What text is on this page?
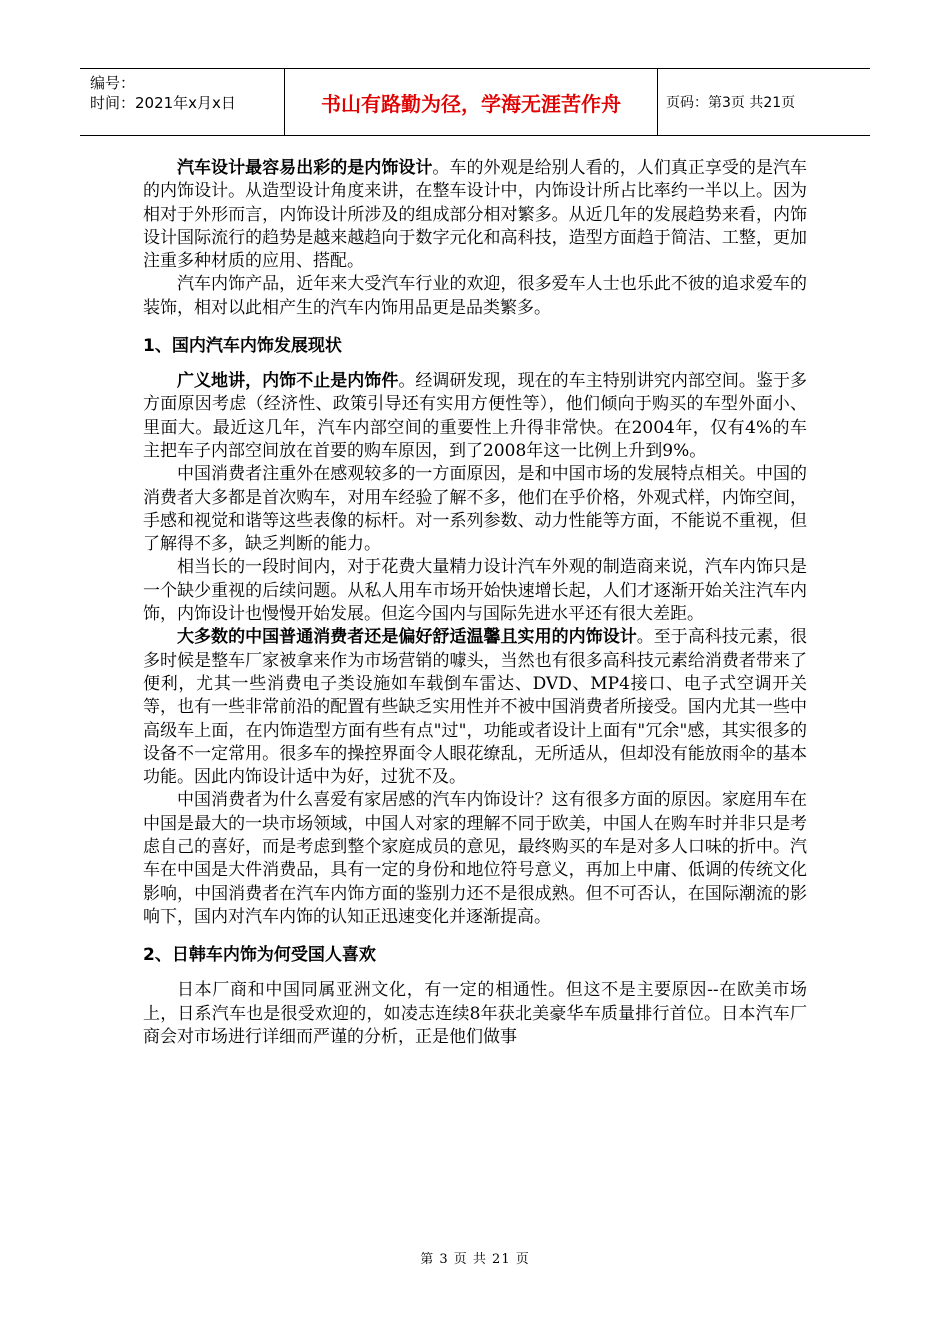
编号：
时间：2021年x月x日	书山有路勤为径，学海无涯苦作舟	页码：第3页 共21页

汽车设计最容易出彩的是内饰设计。车的外观是给别人看的，人们真正享受的是汽车的内饰设计。从造型设计角度来讲，在整车设计中，内饰设计所占比率约一半以上。因为相对于外形而言，内饰设计所涉及的组成部分相对繁多。从近几年的发展趋势来看，内饰设计国际流行的趋势是越来越趋向于数字元化和高科技，造型方面趋于简洁、工整，更加注重多种材质的应用、搭配。

汽车内饰产品，近年来大受汽车行业的欢迎，很多爱车人士也乐此不彼的追求爱车的装饰，相对以此相产生的汽车内饰用品更是品类繁多。

1、国内汽车内饰发展现状

广义地讲，内饰不止是内饰件。经调研发现，现在的车主特别讲究内部空间。鉴于多方面原因考虑（经济性、政策引导还有实用方便性等），他们倾向于购买的车型外面小、里面大。最近这几年，汽车内部空间的重要性上升得非常快。在2004年，仅有4%的车主把车子内部空间放在首要的购车原因，到了2008年这一比例上升到9%。

中国消费者注重外在感观较多的一方面原因，是和中国市场的发展特点相关。中国的消费者大多都是首次购车，对用车经验了解不多，他们在乎价格，外观式样，内饰空间，手感和视觉和谐等这些表像的标杆。对一系列参数、动力性能等方面，不能说不重视，但了解得不多，缺乏判断的能力。

相当长的一段时间内，对于花费大量精力设计汽车外观的制造商来说，汽车内饰只是一个缺少重视的后续问题。从私人用车市场开始快速增长起，人们才逐渐开始关注汽车内饰，内饰设计也慢慢开始发展。但迄今国内与国际先进水平还有很大差距。

大多数的中国普通消费者还是偏好舒适温馨且实用的内饰设计。至于高科技元素，很多时候是整车厂家被拿来作为市场营销的噱头，当然也有很多高科技元素给消费者带来了便利，尤其一些消费电子类设施如车载倒车雷达、DVD、MP4接口、电子式空调开关等，也有一些非常前沿的配置有些缺乏实用性并不被中国消费者所接受。国内尤其一些中高级车上面，在内饰造型方面有些有点"过"，功能或者设计上面有"冗余"感，其实很多的设备不一定常用。很多车的操控界面令人眼花缭乱，无所适从，但却没有能放雨伞的基本功能。因此内饰设计适中为好，过犹不及。

中国消费者为什么喜爱有家居感的汽车内饰设计？这有很多方面的原因。家庭用车在中国是最大的一块市场领域，中国人对家的理解不同于欧美，中国人在购车时并非只是考虑自己的喜好，而是考虑到整个家庭成员的意见，最终购买的车是对多人口味的折中。汽车在中国是大件消费品，具有一定的身份和地位符号意义，再加上中庸、低调的传统文化影响，中国消费者在汽车内饰方面的鉴别力还不是很成熟。但不可否认，在国际潮流的影响下，国内对汽车内饰的认知正迅速变化并逐渐提高。

2、日韩车内饰为何受国人喜欢

日本厂商和中国同属亚洲文化，有一定的相通性。但这不是主要原因--在欧美市场上，日系汽车也是很受欢迎的，如凌志连续8年获北美豪华车质量排行首位。日本汽车厂商会对市场进行详细而严谨的分析，正是他们做事

第 3 页 共 21 页
